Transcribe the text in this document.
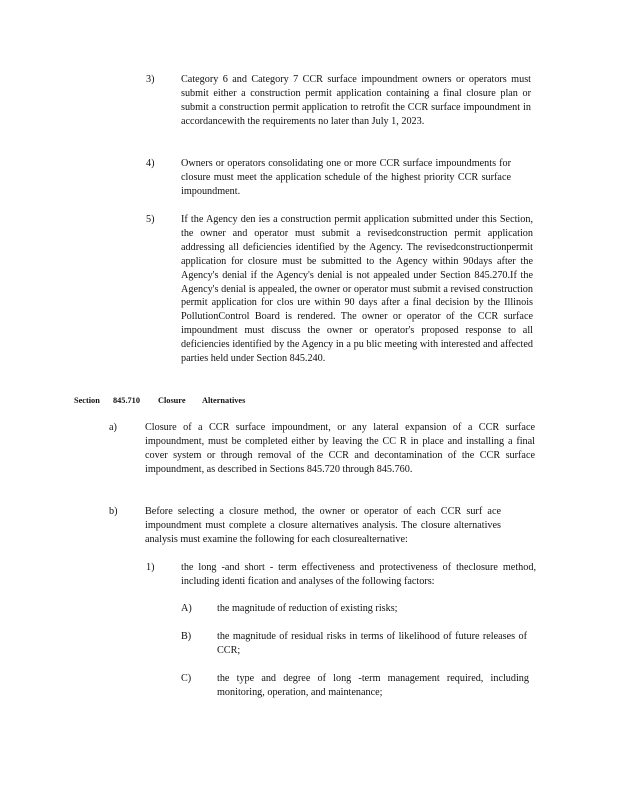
3)	Category 6 and Category 7 CCR surface impoundment owners or operators must submit either a construction permit application containing a final closure plan or submit a construction permit application to retrofit the CCR surface impoundment in accordancewith the requirements no later than July 1, 2023.
4)	Owners or operators consolidating one or more CCR surface impoundments for closure must meet the application schedule of the highest priority CCR surface impoundment.
5)	If the Agency den ies a construction permit application submitted under this Section, the owner and operator must submit a revisedconstruction permit application addressing all deficiencies identified by the Agency. The revisedconstructionpermit application for closure must be submitted to the Agency within 90days after the Agency's denial if the Agency's denial is not appealed under Section 845.270.If the Agency's denial is appealed, the owner or operator must submit a revised construction permit application for clos ure within 90 days after a final decision by the Illinois PollutionControl Board is rendered. The owner or operator of the CCR surface impoundment must discuss the owner or operator's proposed response to all deficiencies identified by the Agency in a pu blic meeting with interested and affected parties held under Section 845.240.
Section 845.710 Closure Alternatives
a)	Closure of a CCR surface impoundment, or any lateral expansion of a CCR surface impoundment, must be completed either by leaving the CC R in place and installing a final cover system or through removal of the CCR and decontamination of the CCR surface impoundment, as described in Sections 845.720 through 845.760.
b)	Before selecting a closure method, the owner or operator of each CCR surf ace impoundment must complete a closure alternatives analysis. The closure alternatives analysis must examine the following for each closurealternative:
1)	the long -and short - term effectiveness and protectiveness of theclosure method, including identi fication and analyses of the following factors:
A) the magnitude of reduction of existing risks;
B)	the magnitude of residual risks in terms of likelihood of future releases of CCR;
C)	the type and degree of long -term management required, including monitoring, operation, and maintenance;
